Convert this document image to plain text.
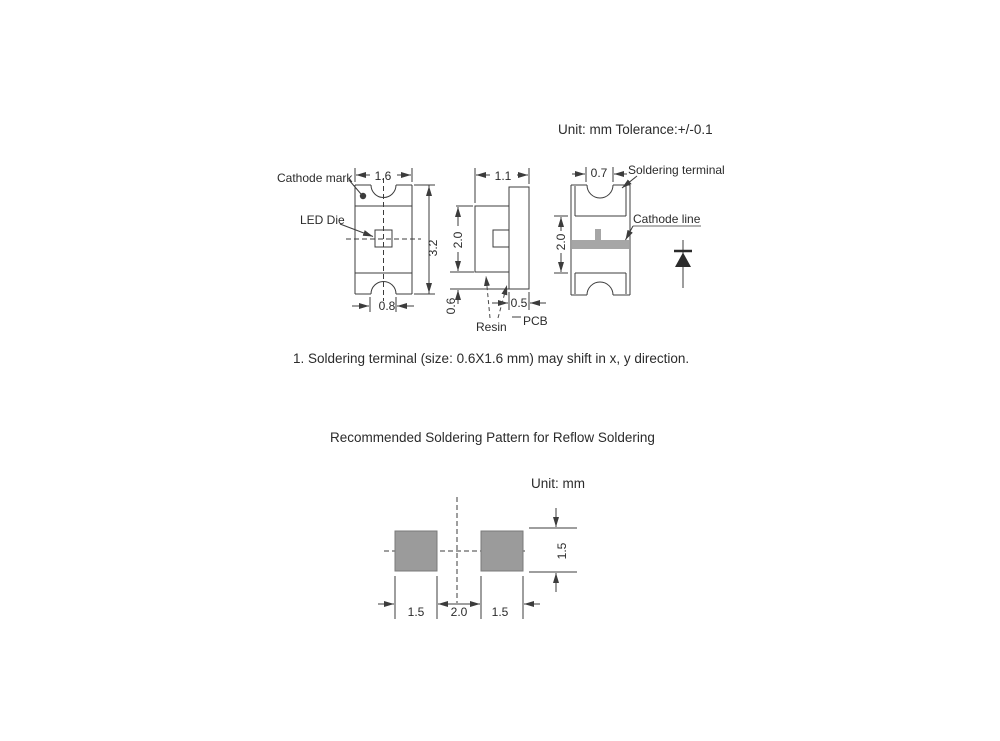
Unit: mm Tolerance:+/-0.1
Cathode mark
LED Die
1.6
3.2
0.8
1.1
2.0
0.6	0.5
Resin PCB
0.7
2.0
Soldering terminal
Cathode line
1. Soldering terminal (size: 0.6X1.6 mm) may shift in x, y direction.
Recommended Soldering Pattern for Reflow Soldering
Unit: mm
1.5
1.5 2.0 1.5
